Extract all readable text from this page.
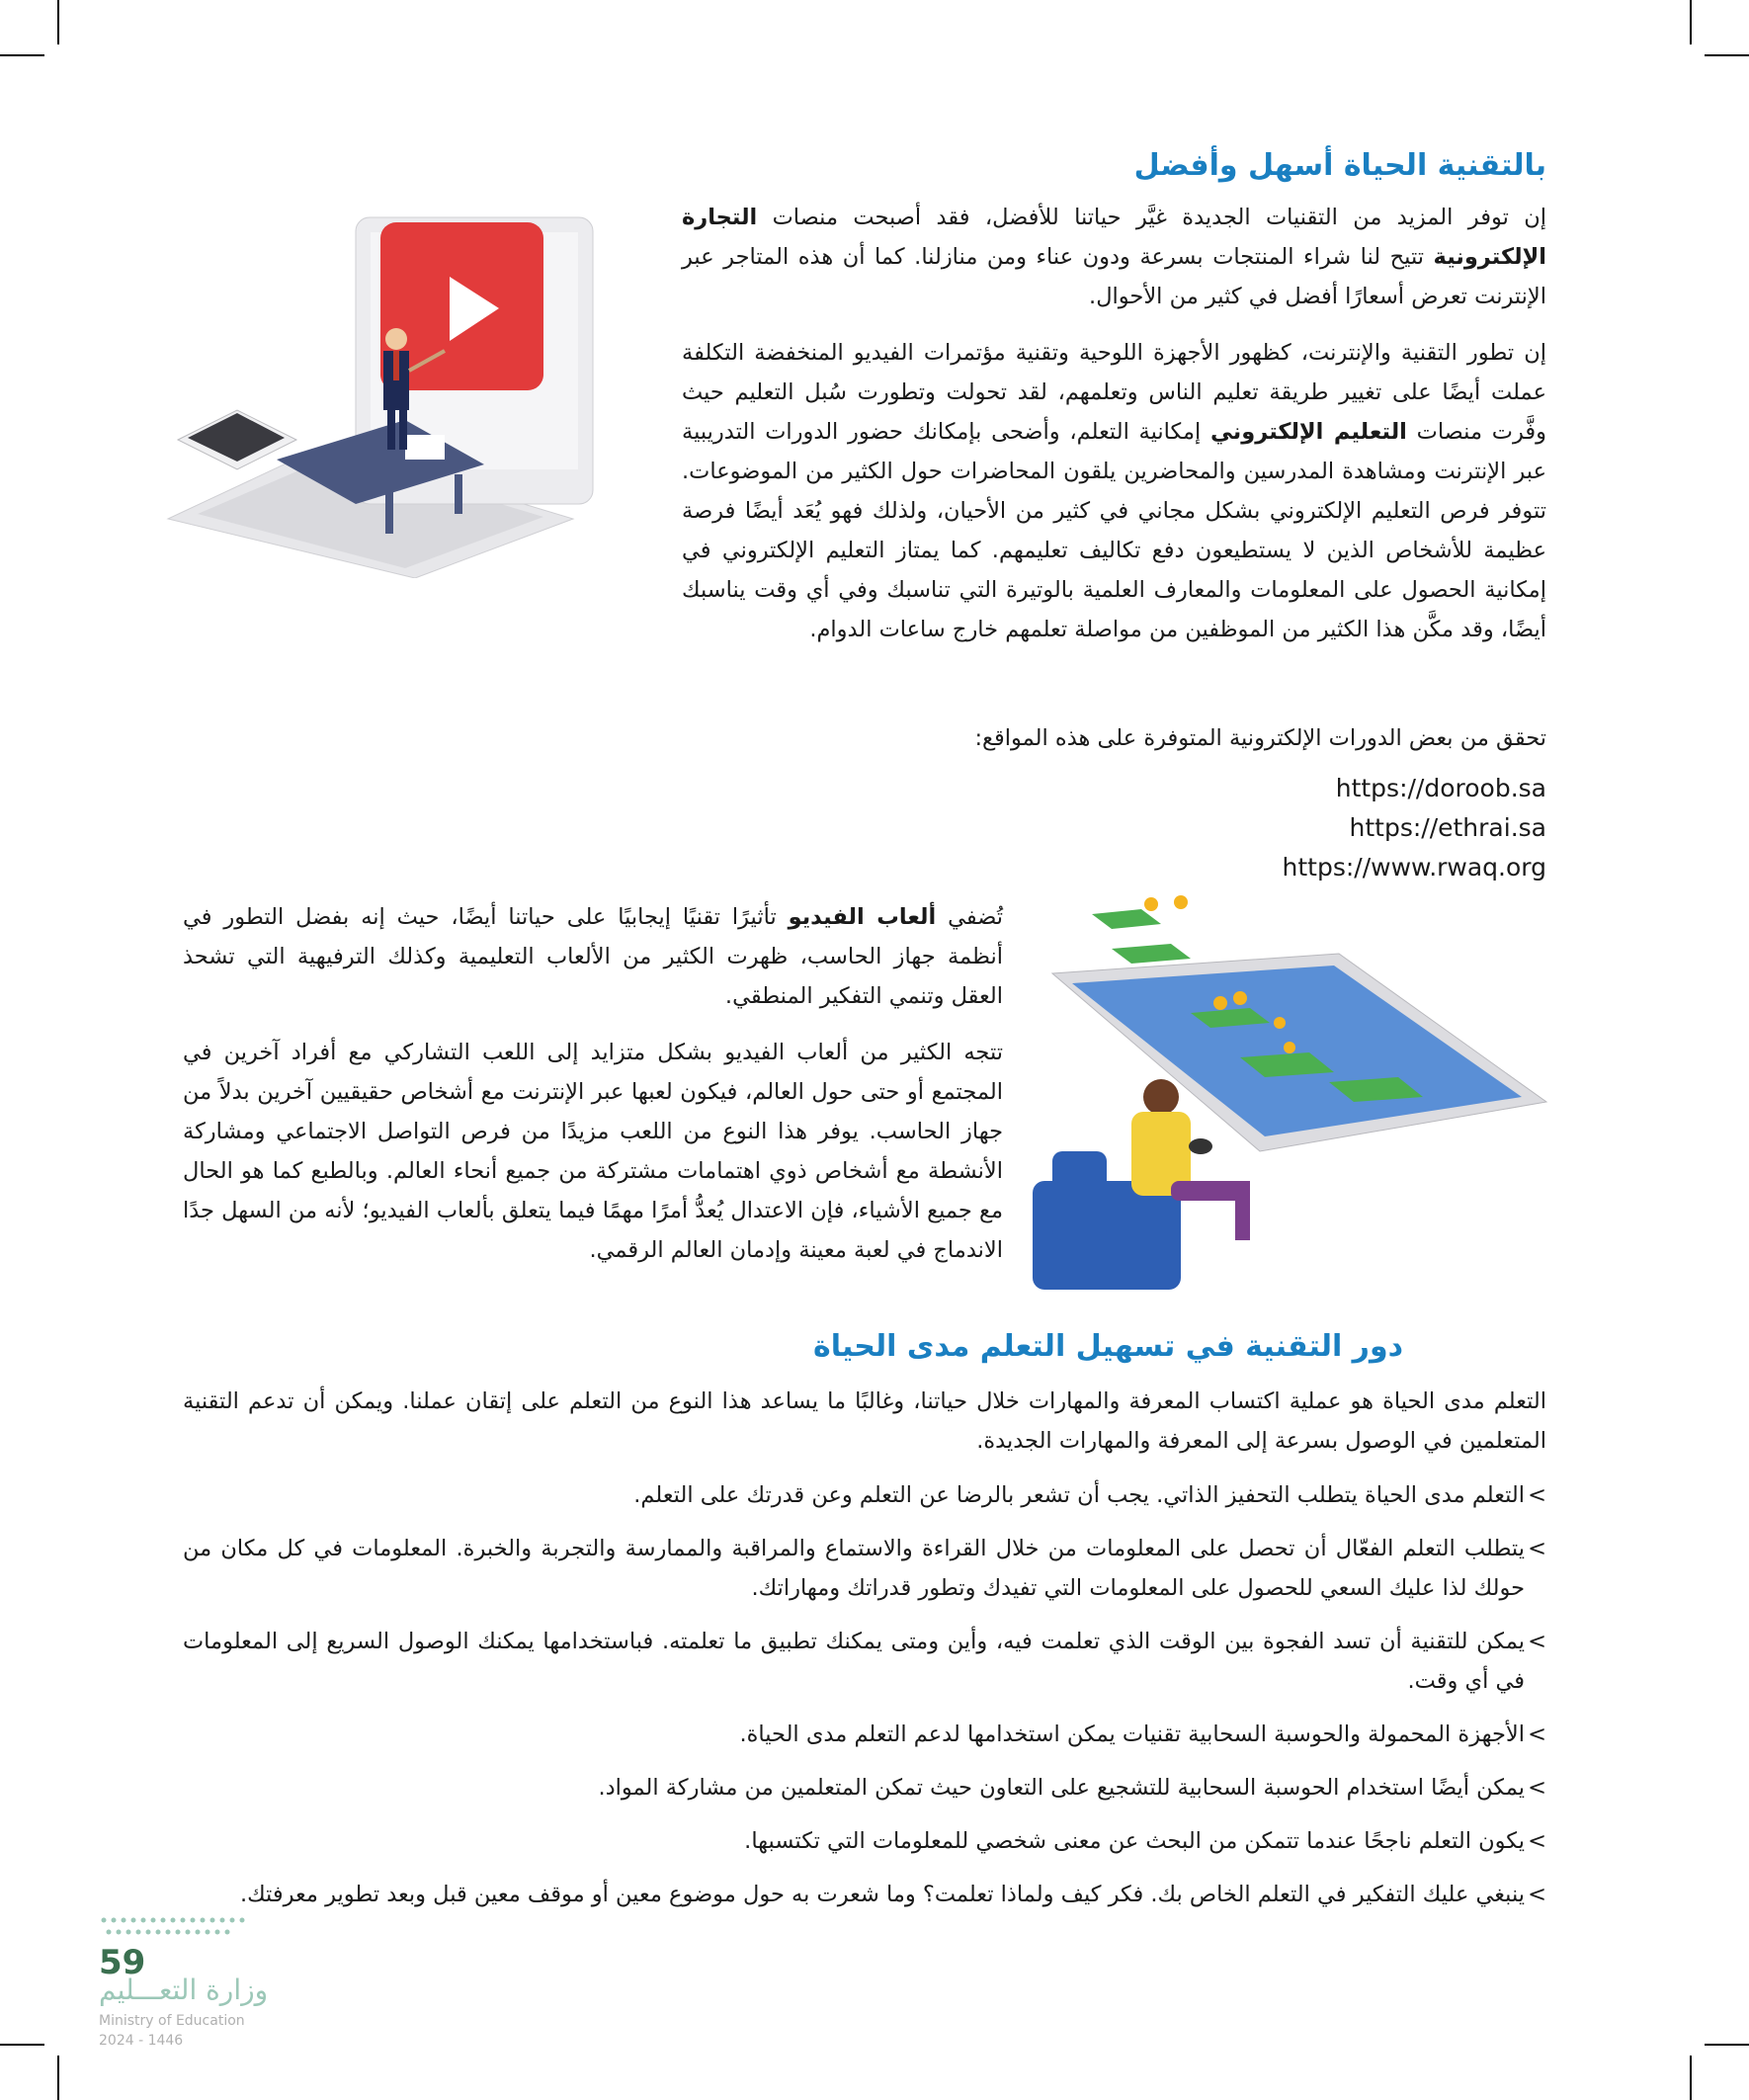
بالتقنية الحياة أسهل وأفضل

إن توفر المزيد من التقنيات الجديدة غيَّر حياتنا للأفضل، فقد أصبحت منصات التجارة الإلكترونية تتيح لنا شراء المنتجات بسرعة ودون عناء ومن منازلنا. كما أن هذه المتاجر عبر الإنترنت تعرض أسعارًا أفضل في كثير من الأحوال.

إن تطور التقنية والإنترنت، كظهور الأجهزة اللوحية وتقنية مؤتمرات الفيديو المنخفضة التكلفة عملت أيضًا على تغيير طريقة تعليم الناس وتعلمهم، لقد تحولت وتطورت سُبل التعليم حيث وفَّرت منصات التعليم الإلكتروني إمكانية التعلم، وأضحى بإمكانك حضور الدورات التدريبية عبر الإنترنت ومشاهدة المدرسين والمحاضرين يلقون المحاضرات حول الكثير من الموضوعات. تتوفر فرص التعليم الإلكتروني بشكل مجاني في كثير من الأحيان، ولذلك فهو يُعَد أيضًا فرصة عظيمة للأشخاص الذين لا يستطيعون دفع تكاليف تعليمهم. كما يمتاز التعليم الإلكتروني في إمكانية الحصول على المعلومات والمعارف العلمية بالوتيرة التي تناسبك وفي أي وقت يناسبك أيضًا، وقد مكَّن هذا الكثير من الموظفين من مواصلة تعلمهم خارج ساعات الدوام.

تحقق من بعض الدورات الإلكترونية المتوفرة على هذه المواقع:

https://doroob.sa
https://ethrai.sa
https://www.rwaq.org

تُضفي ألعاب الفيديو تأثيرًا تقنيًا إيجابيًا على حياتنا أيضًا، حيث إنه بفضل التطور في أنظمة جهاز الحاسب، ظهرت الكثير من الألعاب التعليمية وكذلك الترفيهية التي تشحذ العقل وتنمي التفكير المنطقي.

تتجه الكثير من ألعاب الفيديو بشكل متزايد إلى اللعب التشاركي مع أفراد آخرين في المجتمع أو حتى حول العالم، فيكون لعبها عبر الإنترنت مع أشخاص حقيقيين آخرين بدلاً من جهاز الحاسب. يوفر هذا النوع من اللعب مزيدًا من فرص التواصل الاجتماعي ومشاركة الأنشطة مع أشخاص ذوي اهتمامات مشتركة من جميع أنحاء العالم. وبالطبع كما هو الحال مع جميع الأشياء، فإن الاعتدال يُعدُّ أمرًا مهمًا فيما يتعلق بألعاب الفيديو؛ لأنه من السهل جدًا الاندماج في لعبة معينة وإدمان العالم الرقمي.

دور التقنية في تسهيل التعلم مدى الحياة

التعلم مدى الحياة هو عملية اكتساب المعرفة والمهارات خلال حياتنا، وغالبًا ما يساعد هذا النوع من التعلم على إتقان عملنا. ويمكن أن تدعم التقنية المتعلمين في الوصول بسرعة إلى المعرفة والمهارات الجديدة.

>
التعلم مدى الحياة يتطلب التحفيز الذاتي. يجب أن تشعر بالرضا عن التعلم وعن قدرتك على التعلم.
>
يتطلب التعلم الفعّال أن تحصل على المعلومات من خلال القراءة والاستماع والمراقبة والممارسة والتجربة والخبرة. المعلومات في كل مكان من حولك لذا عليك السعي للحصول على المعلومات التي تفيدك وتطور قدراتك ومهاراتك.
>
يمكن للتقنية أن تسد الفجوة بين الوقت الذي تعلمت فيه، وأين ومتى يمكنك تطبيق ما تعلمته. فباستخدامها يمكنك الوصول السريع إلى المعلومات في أي وقت.
>
الأجهزة المحمولة والحوسبة السحابية تقنيات يمكن استخدامها لدعم التعلم مدى الحياة.
>
يمكن أيضًا استخدام الحوسبة السحابية للتشجيع على التعاون حيث تمكن المتعلمين من مشاركة المواد.
>
يكون التعلم ناجحًا عندما تتمكن من البحث عن معنى شخصي للمعلومات التي تكتسبها.
>
ينبغي عليك التفكير في التعلم الخاص بك. فكر كيف ولماذا تعلمت؟ وما شعرت به حول موضوع معين أو موقف معين قبل وبعد تطوير معرفتك.
59
وزارة التعـــليم
Ministry of Education
2024 - 1446
